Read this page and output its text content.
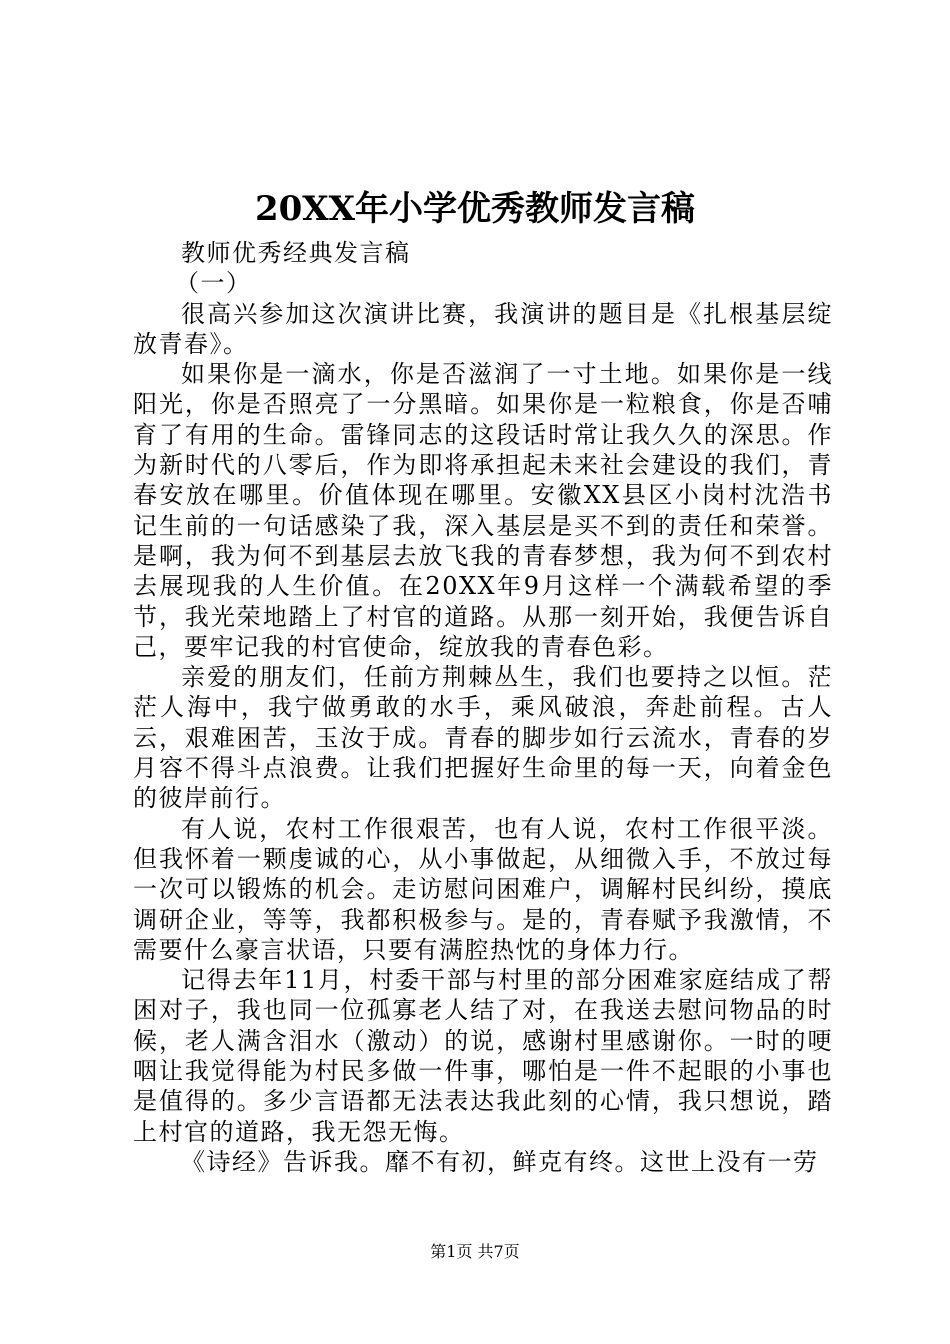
20XX年小学优秀教师发言稿

教师优秀经典发言稿

（一）

很高兴参加这次演讲比赛，我演讲的题目是《扎根基层绽放青春》。

如果你是一滴水，你是否滋润了一寸土地。如果你是一线阳光，你是否照亮了一分黑暗。如果你是一粒粮食，你是否哺育了有用的生命。雷锋同志的这段话时常让我久久的深思。作为新时代的八零后，作为即将承担起未来社会建设的我们，青春安放在哪里。价值体现在哪里。安徽XX县区小岗村沈浩书记生前的一句话感染了我，深入基层是买不到的责任和荣誉。是啊，我为何不到基层去放飞我的青春梦想，我为何不到农村去展现我的人生价值。在20XX年9月这样一个满载希望的季节，我光荣地踏上了村官的道路。从那一刻开始，我便告诉自己，要牢记我的村官使命，绽放我的青春色彩。

亲爱的朋友们，任前方荆棘丛生，我们也要持之以恒。茫茫人海中，我宁做勇敢的水手，乘风破浪，奔赴前程。古人云，艰难困苦，玉汝于成。青春的脚步如行云流水，青春的岁月容不得斗点浪费。让我们把握好生命里的每一天，向着金色的彼岸前行。

有人说，农村工作很艰苦，也有人说，农村工作很平淡。但我怀着一颗虔诚的心，从小事做起，从细微入手，不放过每一次可以锻炼的机会。走访慰问困难户，调解村民纠纷，摸底调研企业，等等，我都积极参与。是的，青春赋予我激情，不需要什么豪言状语，只要有满腔热忱的身体力行。

记得去年11月，村委干部与村里的部分困难家庭结成了帮困对子，我也同一位孤寡老人结了对，在我送去慰问物品的时候，老人满含泪水（激动）的说，感谢村里感谢你。一时的哽咽让我觉得能为村民多做一件事，哪怕是一件不起眼的小事也是值得的。多少言语都无法表达我此刻的心情，我只想说，踏上村官的道路，我无怨无悔。

《诗经》告诉我。靡不有初，鲜克有终。这世上没有一劳

第1页 共7页
